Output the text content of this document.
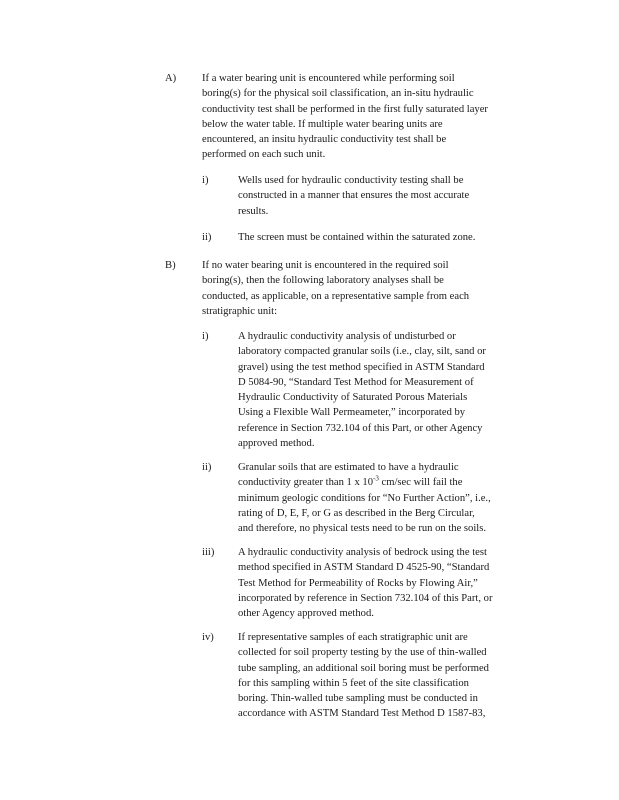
A) If a water bearing unit is encountered while performing soil
boring(s) for the physical soil classification, an in-situ hydraulic
conductivity test shall be performed in the first fully saturated layer
below the water table. If multiple water bearing units are
encountered, an insitu hydraulic conductivity test shall be
performed on each such unit.
i)	Wells used for hydraulic conductivity testing shall be
constructed in a manner that ensures the most accurate
results.
ii)	The screen must be contained within the saturated zone.
B) If no water bearing unit is encountered in the required soil
boring(s), then the following laboratory analyses shall be
conducted, as applicable, on a representative sample from each
stratigraphic unit:
i)	A hydraulic conductivity analysis of undisturbed or
laboratory compacted granular soils (i.e., clay, silt, sand or
gravel) using the test method specified in ASTM Standard
D 5084-90, “Standard Test Method for Measurement of
Hydraulic Conductivity of Saturated Porous Materials
Using a Flexible Wall Permeameter,” incorporated by
reference in Section 732.104 of this Part, or other Agency
approved method.
ii)	Granular soils that are estimated to have a hydraulic
conductivity greater than 1 x $10^{-3}$ cm/sec will fail the
minimum geologic conditions for “No Further Action”, i.e.,
rating of D, E, F, or G as described in the Berg Circular,
and therefore, no physical tests need to be run on the soils.
iii) A hydraulic conductivity analysis of bedrock using the test
method specified in ASTM Standard D 4525-90, “Standard
Test Method for Permeability of Rocks by Flowing Air,”
incorporated by reference in Section 732.104 of this Part, or
other Agency approved method.
iv) If representative samples of each stratigraphic unit are
collected for soil property testing by the use of thin-walled
tube sampling, an additional soil boring must be performed
for this sampling within 5 feet of the site classification
boring. Thin-walled tube sampling must be conducted in
accordance with ASTM Standard Test Method D 1587-83,
